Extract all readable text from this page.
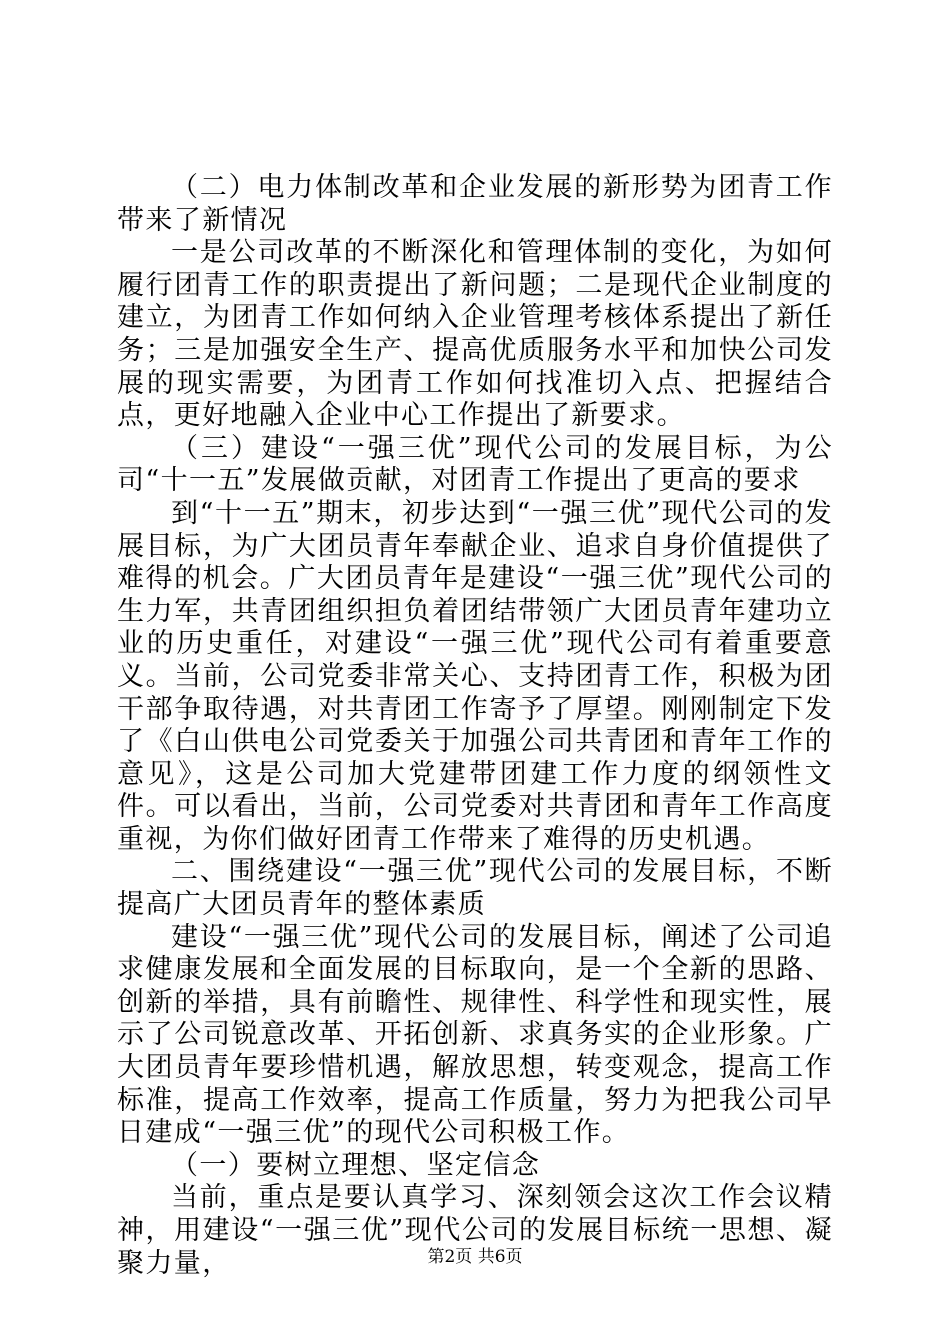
（二）电力体制改革和企业发展的新形势为团青工作带来了新情况

一是公司改革的不断深化和管理体制的变化，为如何履行团青工作的职责提出了新问题；二是现代企业制度的建立，为团青工作如何纳入企业管理考核体系提出了新任务；三是加强安全生产、提高优质服务水平和加快公司发展的现实需要，为团青工作如何找准切入点、把握结合点，更好地融入企业中心工作提出了新要求。

（三）建设“一强三优”现代公司的发展目标，为公司“十一五”发展做贡献，对团青工作提出了更高的要求

到“十一五”期末，初步达到“一强三优”现代公司的发展目标，为广大团员青年奉献企业、追求自身价值提供了难得的机会。广大团员青年是建设“一强三优”现代公司的生力军，共青团组织担负着团结带领广大团员青年建功立业的历史重任，对建设“一强三优”现代公司有着重要意义。当前，公司党委非常关心、支持团青工作，积极为团干部争取待遇，对共青团工作寄予了厚望。刚刚制定下发了《白山供电公司党委关于加强公司共青团和青年工作的意见》，这是公司加大党建带团建工作力度的纲领性文件。可以看出，当前，公司党委对共青团和青年工作高度重视，为你们做好团青工作带来了难得的历史机遇。

二、围绕建设“一强三优”现代公司的发展目标，不断提高广大团员青年的整体素质

建设“一强三优”现代公司的发展目标，阐述了公司追求健康发展和全面发展的目标取向，是一个全新的思路、创新的举措，具有前瞻性、规律性、科学性和现实性，展示了公司锐意改革、开拓创新、求真务实的企业形象。广大团员青年要珍惜机遇，解放思想，转变观念，提高工作标准，提高工作效率，提高工作质量，努力为把我公司早日建成“一强三优”的现代公司积极工作。

（一）要树立理想、坚定信念

当前，重点是要认真学习、深刻领会这次工作会议精神，用建设“一强三优”现代公司的发展目标统一思想、凝聚力量，	第2页 共6页
